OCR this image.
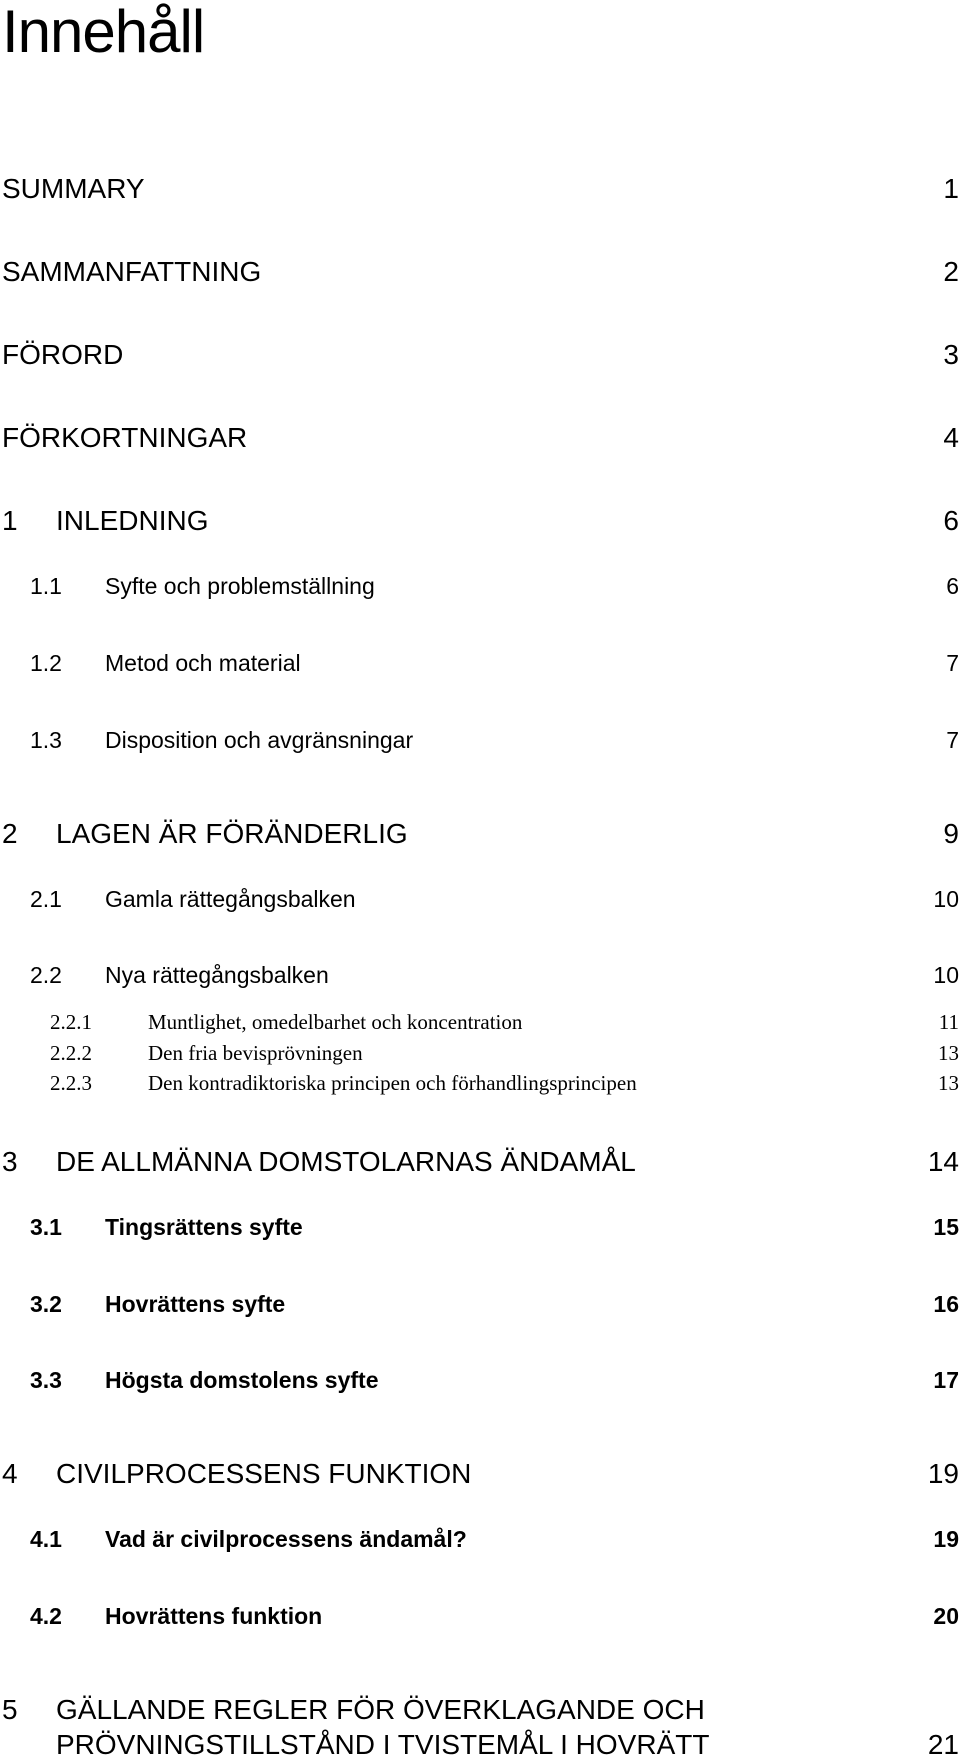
Innehåll
SUMMARY	1
SAMMANFATTNING	2
FÖRORD	3
FÖRKORTNINGAR	4
1 INLEDNING	6
1.1 Syfte och problemställning	6
1.2 Metod och material	7
1.3 Disposition och avgränsningar	7
2 LAGEN ÄR FÖRÄNDERLIG	9
2.1 Gamla rättegångsbalken	10
2.2 Nya rättegångsbalken	10
2.2.1	Muntlighet, omedelbarhet och koncentration	11
2.2.2	Den fria bevisprövningen	13
2.2.3	Den kontradiktoriska principen och förhandlingsprincipen	13
3 DE ALLMÄNNA DOMSTOLARNAS ÄNDAMÅL	14
3.1 Tingsrättens syfte	15
3.2 Hovrättens syfte	16
3.3 Högsta domstolens syfte	17
4 CIVILPROCESSENS FUNKTION	19
4.1 Vad är civilprocessens ändamål?	19
4.2 Hovrättens funktion	20
5 GÄLLANDE REGLER FÖR ÖVERKLAGANDE OCH
PRÖVNINGSTILLSTÅND I TVISTEMÅL I HOVRÄTT	21
